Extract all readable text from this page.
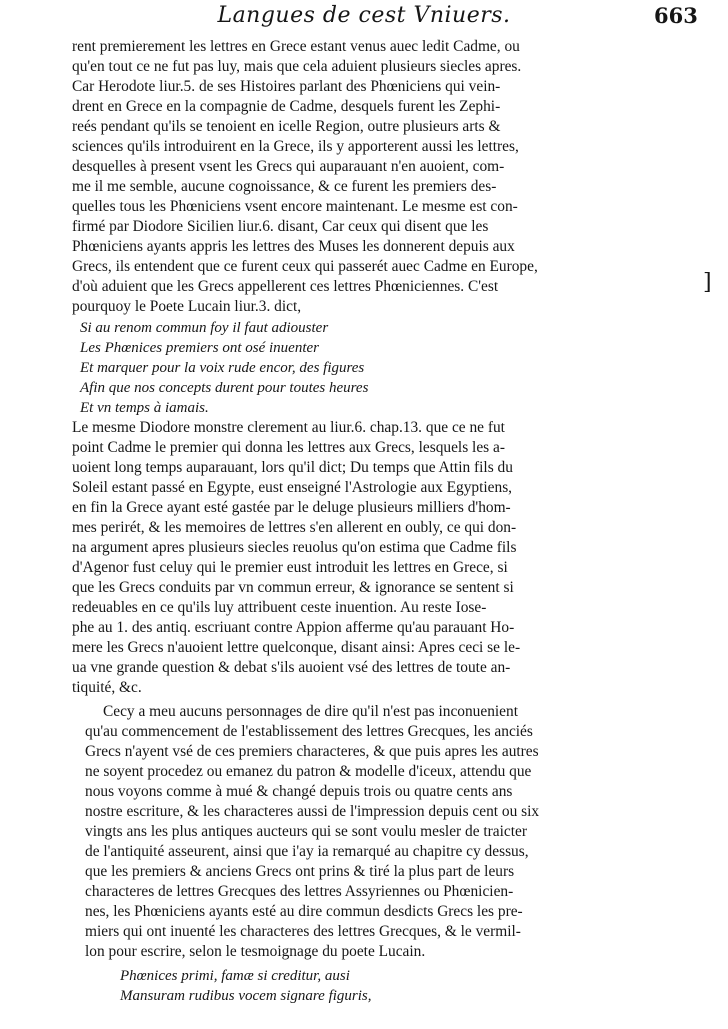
Langues de cest Vniuers.	663
rent premierement les lettres en Grece estant venus auec ledit Cadme, ou
qu'en tout ce ne fut pas luy, mais que cela aduient plusieurs siecles apres.
Car Herodote liur.5. de ses Histoires parlant des Phœniciens qui vein-
drent en Grece en la compagnie de Cadme, desquels furent les Zephi-
reés pendant qu'ils se tenoient en icelle Region, outre plusieurs arts &
sciences qu'ils introduirent en la Grece, ils y apporterent aussi les lettres,
desquelles à present vsent les Grecs qui auparauant n'en auoient, com-
me il me semble, aucune cognoissance, & ce furent les premiers des-
quelles tous les Phœniciens vsent encore maintenant. Le mesme est con-
firmé par Diodore Sicilien liur.6. disant, Car ceux qui disent que les
Phœniciens ayants appris les lettres des Muses les donnerent depuis aux
Grecs, ils entendent que ce furent ceux qui passerét auec Cadme en Europe,
d'où aduient que les Grecs appellerent ces lettres Phœniciennes. C'est
pourquoy le Poete Lucain liur.3. dict,
Si au renom commun foy il faut adiouster
Les Phœnices premiers ont osé inuenter
Et marquer pour la voix rude encor, des figures
Afin que nos concepts durent pour toutes heures
Et vn temps à iamais.
Le mesme Diodore monstre clerement au liur.6. chap.13. que ce ne fut
point Cadme le premier qui donna les lettres aux Grecs, lesquels les a-
uoient long temps auparauant, lors qu'il dict; Du temps que Attin fils du
Soleil estant passé en Egypte, eust enseigné l'Astrologie aux Egyptiens,
en fin la Grece ayant esté gastée par le deluge plusieurs milliers d'hom-
mes perirét, & les memoires de lettres s'en allerent en oubly, ce qui don-
na argument apres plusieurs siecles reuolus qu'on estima que Cadme fils
d'Agenor fust celuy qui le premier eust introduit les lettres en Grece, si
que les Grecs conduits par vn commun erreur, & ignorance se sentent si
redeuables en ce qu'ils luy attribuent ceste inuention. Au reste Iose-
phe au 1. des antiq. escriuant contre Appion afferme qu'au parauant Ho-
mere les Grecs n'auoient lettre quelconque, disant ainsi: Apres ceci se le-
ua vne grande question & debat s'ils auoient vsé des lettres de toute an-
tiquité, &c.
Cecy a meu aucuns personnages de dire qu'il n'est pas inconuenient
qu'au commencement de l'establissement des lettres Grecques, les anciés
Grecs n'ayent vsé de ces premiers characteres, & que puis apres les autres
ne soyent procedez ou emanez du patron & modelle d'iceux, attendu que
nous voyons comme à mué & changé depuis trois ou quatre cents ans
nostre escriture, & les characteres aussi de l'impression depuis cent ou six
vingts ans les plus antiques aucteurs qui se sont voulu mesler de traicter
de l'antiquité asseurent, ainsi que i'ay ia remarqué au chapitre cy dessus,
que les premiers & anciens Grecs ont prins & tiré la plus part de leurs
characteres de lettres Grecques des lettres Assyriennes ou Phœnicien-
nes, les Phœniciens ayants esté au dire commun desdicts Grecs les pre-
miers qui ont inuenté les characteres des lettres Grecques, & le vermil-
lon pour escrire, selon le tesmoignage du poete Lucain.
Phœnices primi, famæ si creditur, ausi
Mansuram rudibus vocem signare figuris,
]
